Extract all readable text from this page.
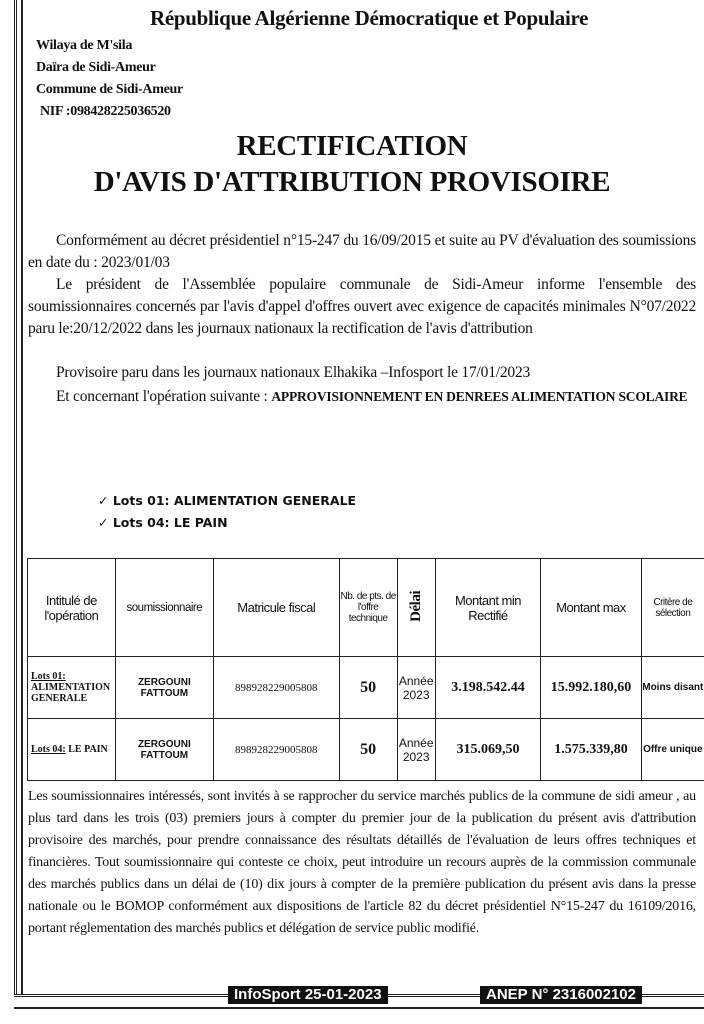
République Algérienne Démocratique et Populaire
Wilaya de M'sila
Daïra de Sidi-Ameur
Commune de Sidi-Ameur
NIF :098428225036520
RECTIFICATION
D'AVIS D'ATTRIBUTION PROVISOIRE
Conformément au décret présidentiel n°15-247 du 16/09/2015 et suite au PV d'évaluation des soumissions en date du : 2023/01/03
Le président de l'Assemblée populaire communale de Sidi-Ameur informe l'ensemble des soumissionnaires concernés par l'avis d'appel d'offres ouvert avec exigence de capacités minimales N°07/2022 paru le:20/12/2022 dans les journaux nationaux la rectification de l'avis d'attribution
Provisoire paru dans les journaux nationaux Elhakika –Infosport le 17/01/2023
Et concernant l'opération suivante : APPROVISIONNEMENT EN DENREES ALIMENTATION SCOLAIRE
✓ Lots 01: ALIMENTATION GENERALE
✓ Lots 04: LE PAIN
Intitulé de l'opération	soumissionnaire	Matricule fiscal	Nb. de pts. de l'offre technique	Délai	Montant min Rectifié	Montant max	Critère de sélection
Lots 01:
ALIMENTATION GENERALE	ZERGOUNI FATTOUM	898928229005808	50	Année 2023	3.198.542.44	15.992.180,60	Moins disant
Lots 04: LE PAIN	ZERGOUNI FATTOUM	898928229005808	50	Année 2023	315.069,50	1.575.339,80	Offre unique
Les soumissionnaires intéressés, sont invités à se rapprocher du service marchés publics de la commune de sidi ameur , au plus tard dans les trois (03) premiers jours à compter du premier jour de la publication du présent avis d'attribution provisoire des marchés, pour prendre connaissance des résultats détaillés de l'évaluation de leurs offres techniques et financières. Tout soumissionnaire qui conteste ce choix, peut introduire un recours auprès de la commission communale des marchés publics dans un délai de (10) dix jours à compter de la première publication du présent avis dans la presse nationale ou le BOMOP conformément aux dispositions de l'article 82 du décret présidentiel N°15-247 du 16109/2016, portant réglementation des marchés publics et délégation de service public modifié.
InfoSport 25-01-2023	ANEP N° 2316002102
